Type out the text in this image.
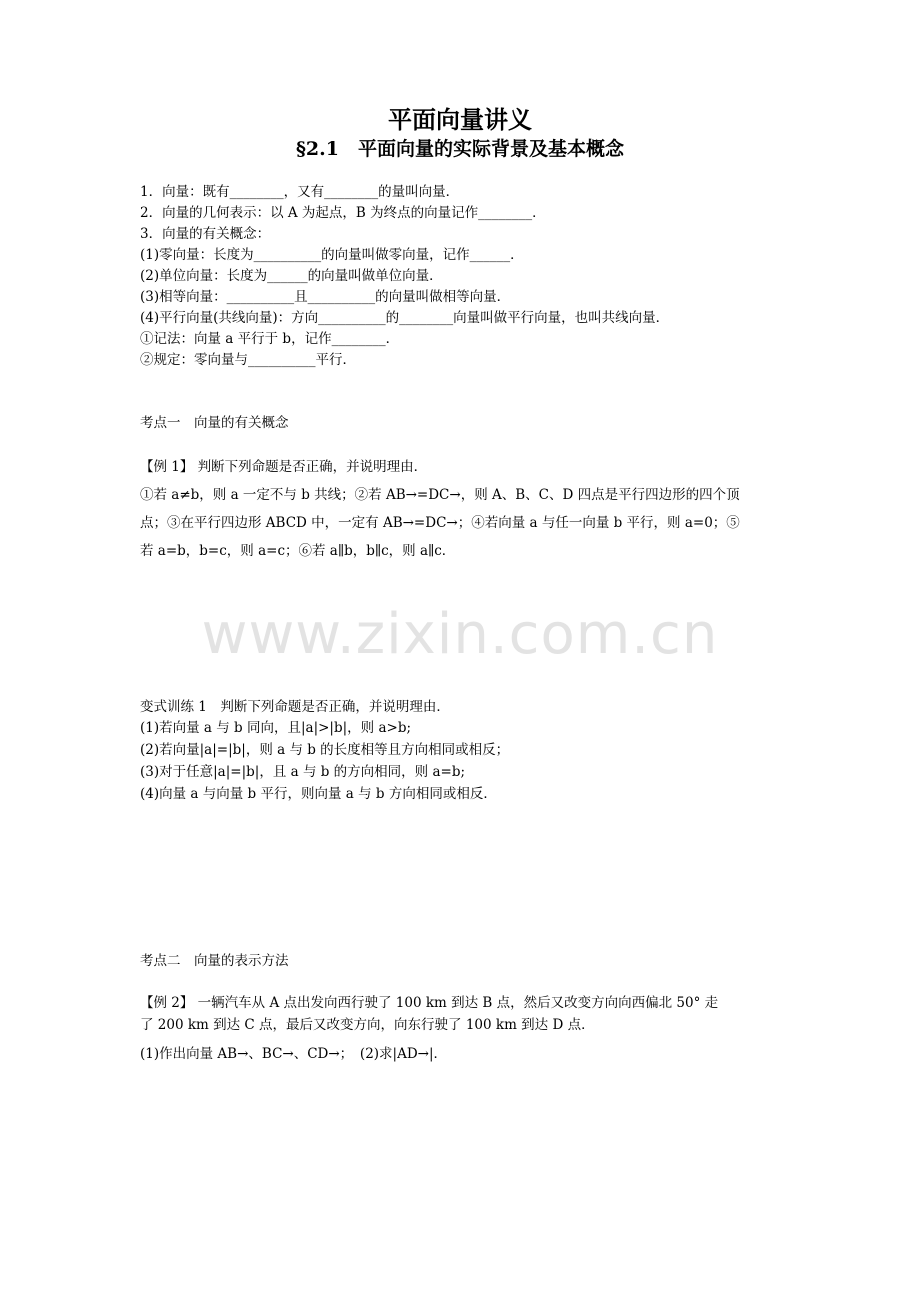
平面向量讲义
§2.1　平面向量的实际背景及基本概念
1．向量：既有________，又有________的量叫向量．
2．向量的几何表示：以 A 为起点，B 为终点的向量记作________．
3．向量的有关概念：
(1)零向量：长度为__________的向量叫做零向量，记作______．
(2)单位向量：长度为______的向量叫做单位向量．
(3)相等向量：__________且__________的向量叫做相等向量．
(4)平行向量(共线向量)：方向__________的________向量叫做平行向量，也叫共线向量．
①记法：向量 a 平行于 b，记作________．
②规定：零向量与__________平行．
考点一　向量的有关概念
【例 1】 判断下列命题是否正确，并说明理由．
①若 a≠b，则 a 一定不与 b 共线；②若 AB→=DC→，则 A、B、C、D 四点是平行四边形的四个顶
点；③在平行四边形 ABCD 中，一定有 AB→=DC→；④若向量 a 与任一向量 b 平行，则 a=0；⑤
若 a=b，b=c，则 a=c；⑥若 a∥b，b∥c，则 a∥c．
www.zixin.com.cn
变式训练 1　判断下列命题是否正确，并说明理由．
(1)若向量 a 与 b 同向，且|a|>|b|，则 a>b;
(2)若向量|a|=|b|，则 a 与 b 的长度相等且方向相同或相反；
(3)对于任意|a|=|b|，且 a 与 b 的方向相同，则 a=b;
(4)向量 a 与向量 b 平行，则向量 a 与 b 方向相同或相反．
考点二　向量的表示方法
【例 2】 一辆汽车从 A 点出发向西行驶了 100 km 到达 B 点，然后又改变方向向西偏北 50° 走
了 200 km 到达 C 点，最后又改变方向，向东行驶了 100 km 到达 D 点．
(1)作出向量 AB→、BC→、CD→；　(2)求|AD→|．
